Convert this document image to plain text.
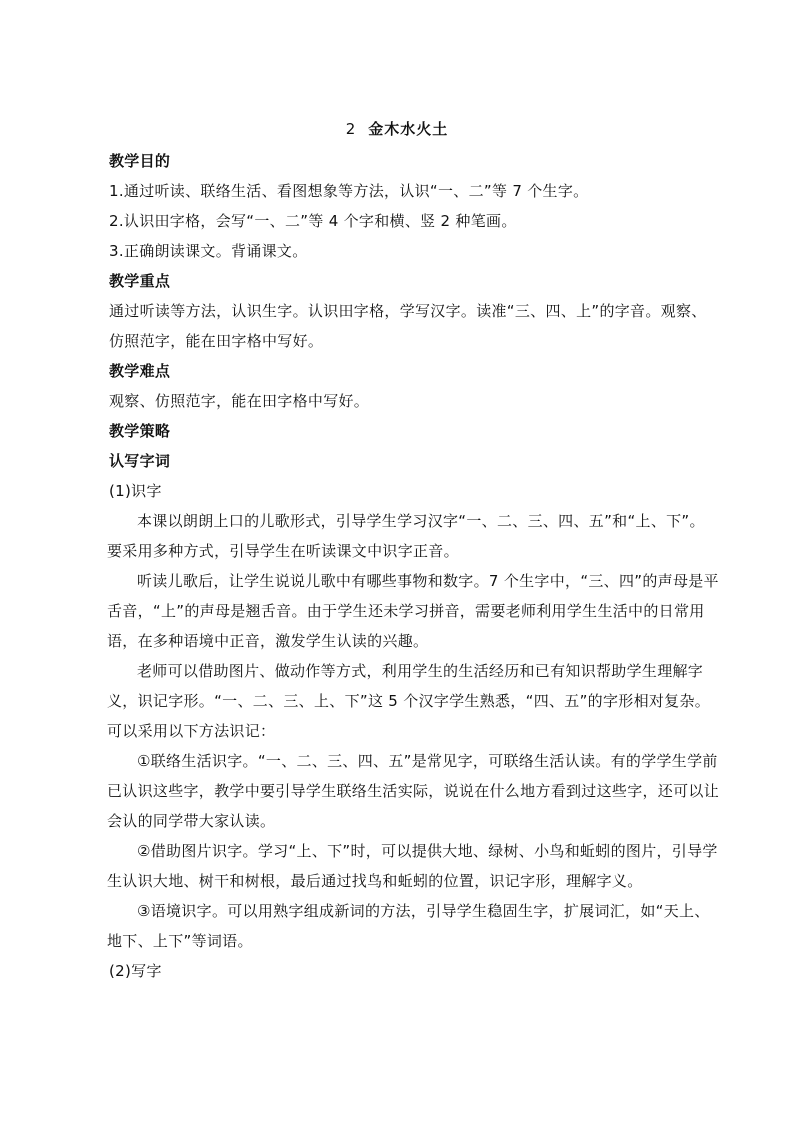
2 金木水火土

教学目的

1.通过听读、联络生活、看图想象等方法，认识“一、二”等 7 个生字。

2.认识田字格，会写“一、二”等 4 个字和横、竖 2 种笔画。

3.正确朗读课文。背诵课文。

教学重点

通过听读等方法，认识生字。认识田字格，学写汉字。读准“三、四、上”的字音。观察、仿照范字，能在田字格中写好。

教学难点

观察、仿照范字，能在田字格中写好。

教学策略

认写字词

(1)识字

本课以朗朗上口的儿歌形式，引导学生学习汉字“一、二、三、四、五”和“上、下”。要采用多种方式，引导学生在听读课文中识字正音。

听读儿歌后，让学生说说儿歌中有哪些事物和数字。7 个生字中，“三、四”的声母是平舌音，“上”的声母是翘舌音。由于学生还未学习拼音，需要老师利用学生生活中的日常用语，在多种语境中正音，激发学生认读的兴趣。

老师可以借助图片、做动作等方式，利用学生的生活经历和已有知识帮助学生理解字义，识记字形。“一、二、三、上、下”这 5 个汉字学生熟悉，“四、五”的字形相对复杂。可以采用以下方法识记：

①联络生活识字。“一、二、三、四、五”是常见字，可联络生活认读。有的学学生学前已认识这些字，教学中要引导学生联络生活实际，说说在什么地方看到过这些字，还可以让会认的同学带大家认读。

②借助图片识字。学习“上、下”时，可以提供大地、绿树、小鸟和蚯蚓的图片，引导学生认识大地、树干和树根，最后通过找鸟和蚯蚓的位置，识记字形，理解字义。

③语境识字。可以用熟字组成新词的方法，引导学生稳固生字，扩展词汇，如“天上、地下、上下”等词语。

(2)写字
